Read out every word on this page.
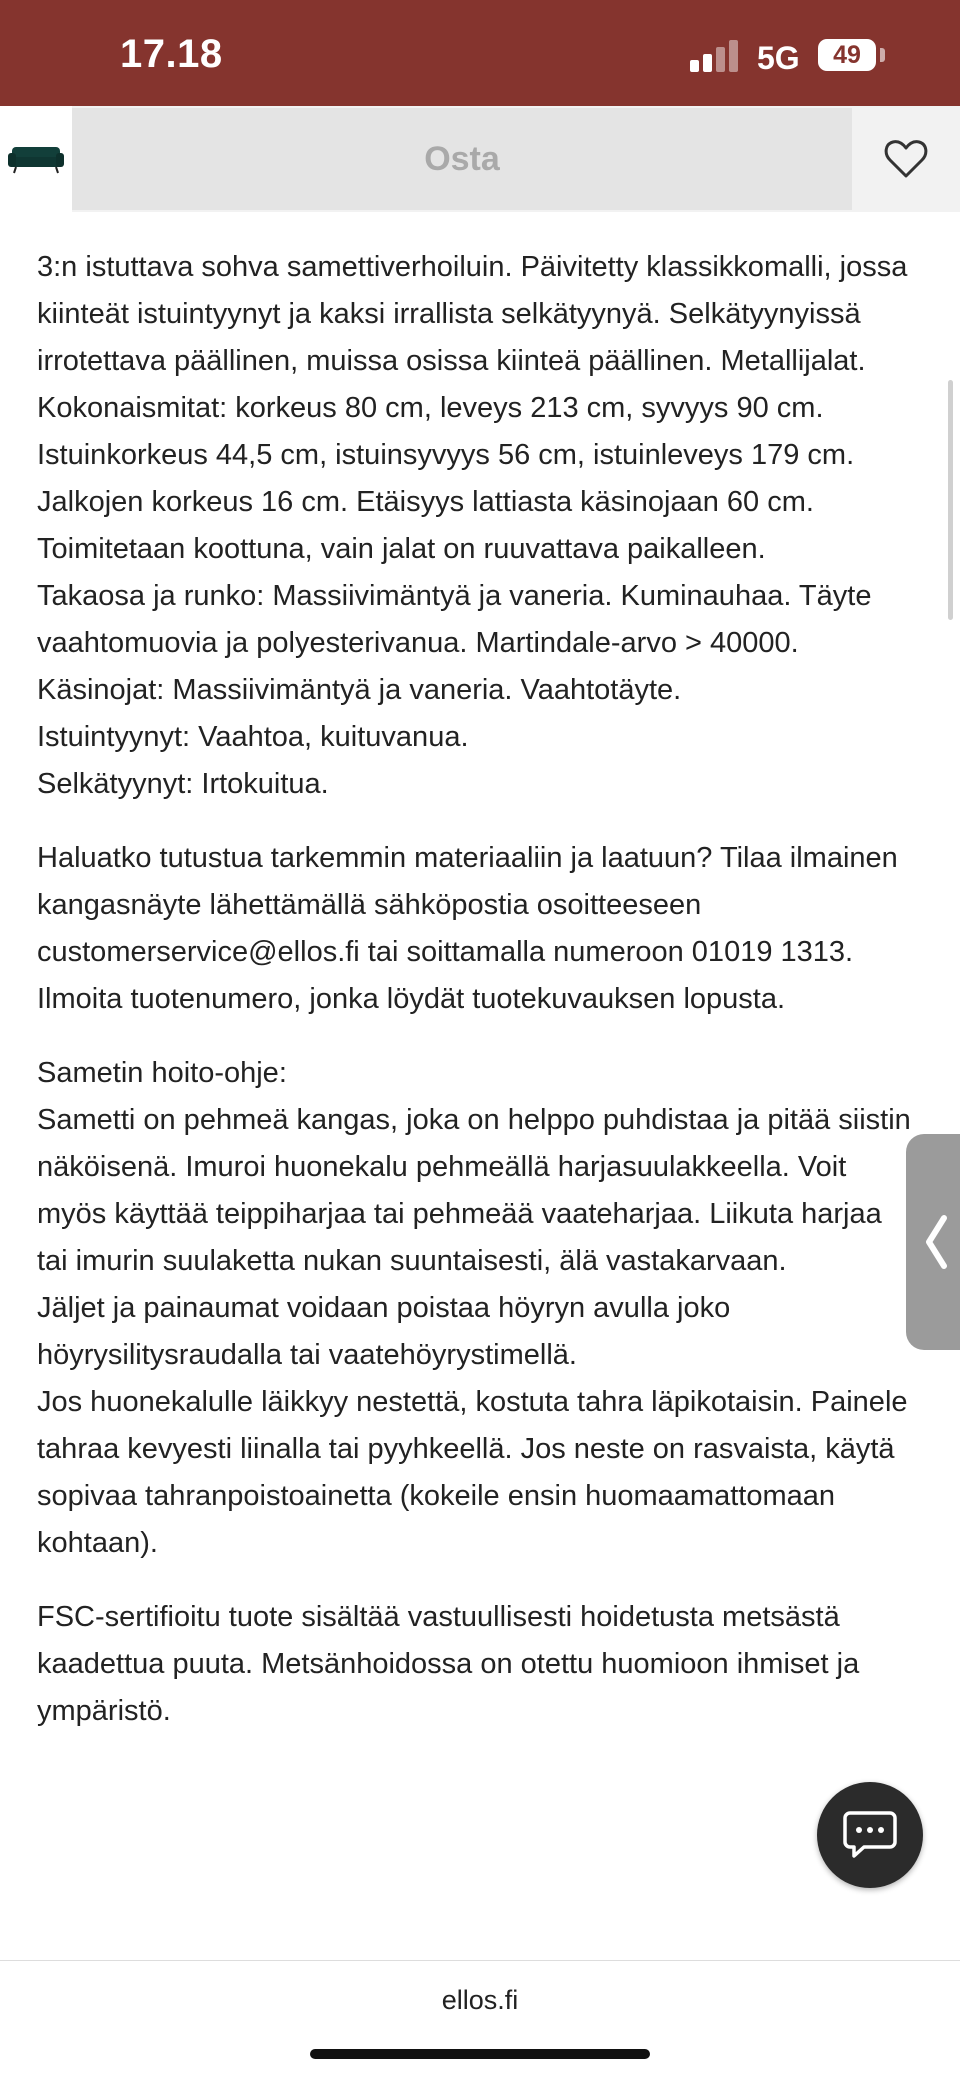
17.18	5G	49
Osta

3:n istuttava sohva samettiverhoiluin. Päivitetty klassikkomalli, jossa kiinteät istuintyynyt ja kaksi irrallista selkätyynyä. Selkätyynyissä irrotettava päällinen, muissa osissa kiinteä päällinen. Metallijalat. Kokonaismitat: korkeus 80 cm, leveys 213 cm, syvyys 90 cm. Istuinkorkeus 44,5 cm, istuinsyvyys 56 cm, istuinleveys 179 cm. Jalkojen korkeus 16 cm. Etäisyys lattiasta käsinojaan 60 cm. Toimitetaan koottuna, vain jalat on ruuvattava paikalleen.
Takaosa ja runko: Massiivimäntyä ja vaneria. Kuminauhaa. Täyte vaahtomuovia ja polyesterivanua. Martindale-arvo > 40000.
Käsinojat: Massiivimäntyä ja vaneria. Vaahtotäyte.
Istuintyynyt: Vaahtoa, kuituvanua.
Selkätyynyt: Irtokuitua.

Haluatko tutustua tarkemmin materiaaliin ja laatuun? Tilaa ilmainen kangasnäyte lähettämällä sähköpostia osoitteeseen customerservice@ellos.fi tai soittamalla numeroon 01019 1313. Ilmoita tuotenumero, jonka löydät tuotekuvauksen lopusta.

Sametin hoito-ohje:
Sametti on pehmeä kangas, joka on helppo puhdistaa ja pitää siistin näköisenä. Imuroi huonekalu pehmeällä harjasuulakkeella. Voit myös käyttää teippiharjaa tai pehmeää vaateharjaa. Liikuta harjaa tai imurin suulaketta nukan suuntaisesti, älä vastakarvaan.
Jäljet ja painaumat voidaan poistaa höyryn avulla joko höyrysilitysraudalla tai vaatehöyrystimellä.
Jos huonekalulle läikkyy nestettä, kostuta tahra läpikotaisin. Painele tahraa kevyesti liinalla tai pyyhkeellä. Jos neste on rasvaista, käytä sopivaa tahranpoistoainetta (kokeile ensin huomaamattomaan kohtaan).

FSC-sertifioitu tuote sisältää vastuullisesti hoidetusta metsästä kaadettua puuta. Metsänhoidossa on otettu huomioon ihmiset ja ympäristö.

ellos.fi
